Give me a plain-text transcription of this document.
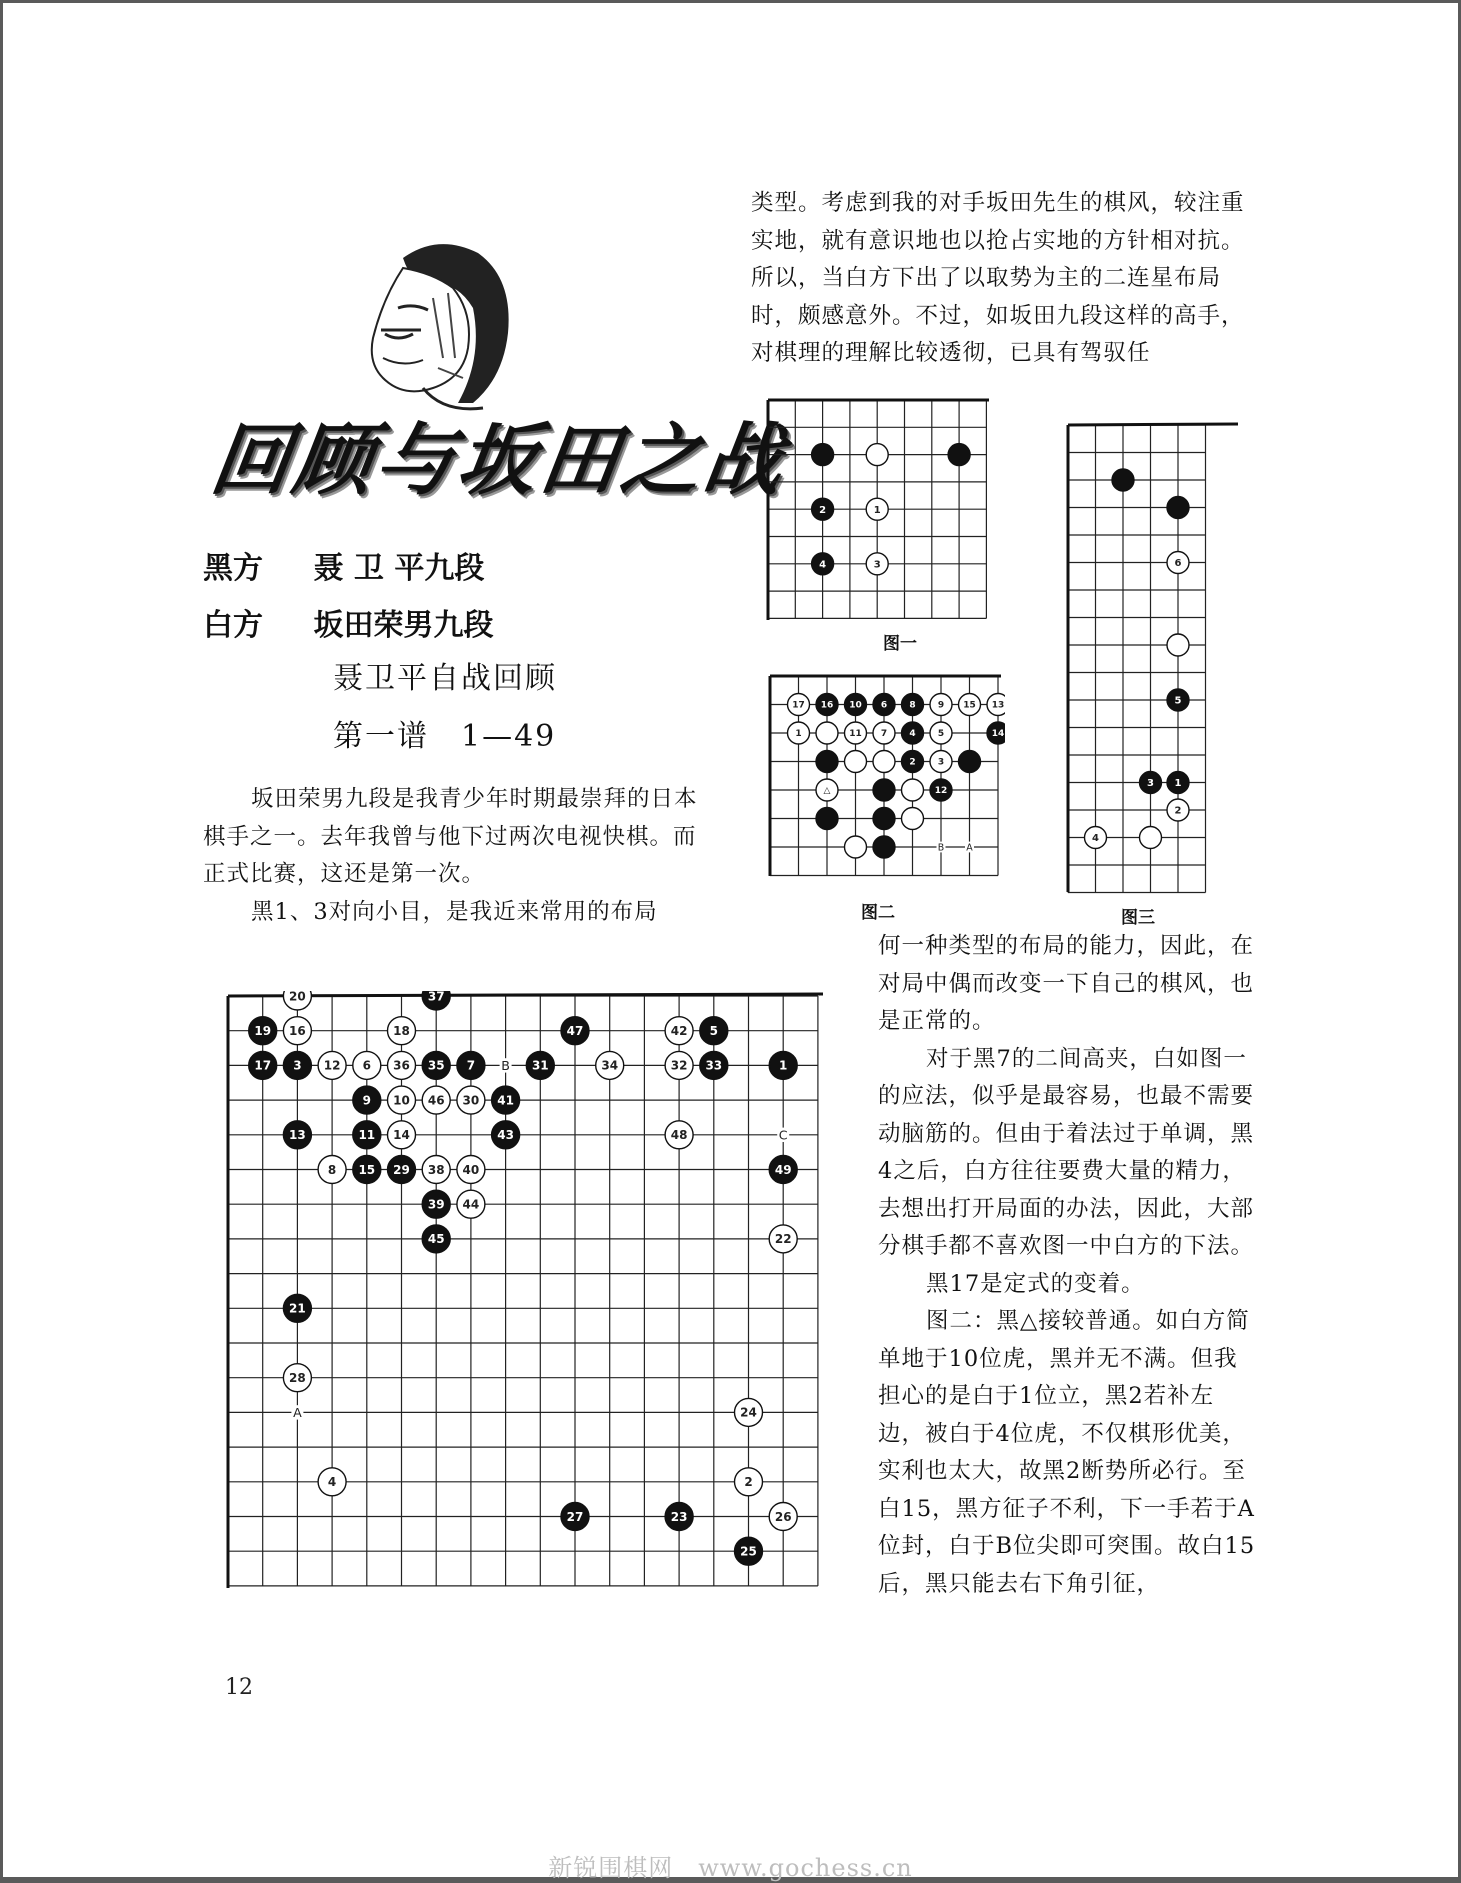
回顾与坂田之战
黑方 聂 卫 平九段
白方 坂田荣男九段
聂卫平自战回顾
第一谱　1—49

坂田荣男九段是我青少年时期最崇拜的日本棋手之一。去年我曾与他下过两次电视快棋。而正式比赛，这还是第一次。

黑1、3对向小目，是我近来常用的布局

类型。考虑到我的对手坂田先生的棋风，较注重实地，就有意识地也以抢占实地的方针相对抗。所以，当白方下出了以取势为主的二连星布局时，颇感意外。不过，如坂田九段这样的高手，对棋理的理解比较透彻，已具有驾驭任

何一种类型的布局的能力，因此，在对局中偶而改变一下自己的棋风，也是正常的。

对于黑7的二间高夹，白如图一的应法，似乎是最容易，也最不需要动脑筋的。但由于着法过于单调，黑4之后，白方往往要费大量的精力，去想出打开局面的办法，因此，大部分棋手都不喜欢图一中白方的下法。

黑17是定式的变着。

图二：黑△接较普通。如白方简单地于10位虎，黑并无不满。但我担心的是白于1位立，黑2若补左边，被白于4位虎，不仅棋形优美，实利也太大，故黑2断势所必行。至白15，黑方征子不利，下一手若于A位封，白于B位尖即可突围。故白15后，黑只能去右下角引征，

2	1
4	3
图一
B A
17 16 10 6 8 9 15 13
1	11 7 4 5	14
2 3
△	12
图二
6
5
3 1
2
4
图三
B
C
A
20	37
19 16	18	47	42 5
17 3 12 6 36 35 7	31	34	32 33	1
9 10 46 30 41
13	11 14	43	48
8 15 29 38 40	49
39 44
45	22
21
28
24
4	2
27	23	26
25
12
新锐围棋网　www.gochess.cn
